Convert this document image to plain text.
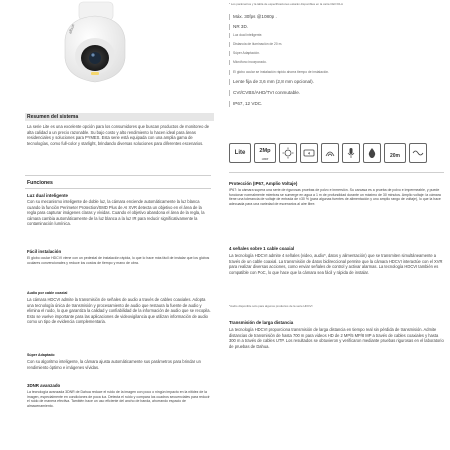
alhua
* Los parámetros y la tabla de especificaciones estarán disponibles en la carta CEO DLA
Máx. 30fps @1080p .
NR 3D.
Luz dual inteligente.
Distancia de iluminación de 20 m.
Súper Adaptación.
Micrófono incorporado.
El globo ocular se instalación rápido ahorra tiempo de instalación.
Lente fija de 3,6 mm (2,8 mm opcional).
CVI/CVBS/AHD/TVI conmutable.
IP67, 12 VDC.
Lite	2Mp
1080P
4	20m
Resumen del sistema
La serie Lite es una excelente opción para los consumidores que buscan productos de monitoreo de alta calidad a un precio razonable. Su bajo costo y alto rendimiento lo hacen ideal para áreas residenciales y soluciones para PYMES. Esta serie está equipada con una amplia gama de tecnologías, como full-color y starlight, brindando diversas soluciones para diferentes escenarios.
Funciones
Luz dual inteligente
Con su mecanismo inteligente de doble luz, la cámara enciende automáticamente la luz blanca cuando la función Perimeter Protection/SMD Plus de AI XVR detecta un objetivo en el área de la regla para capturar imágenes claras y vívidas. Cuando el objetivo abandona el área de la regla, la cámara cambia automáticamente de la luz blanca a la luz IR para reducir significativamente la contaminación lumínica.
Fácil instalación
El globo ocular HDCVI viene con un pedestal de instalación rápida, lo que lo hace más fácil de instalar que los globos oculares convencionales y reduce los costos de tiempo y mano de obra.
Audio por cable coaxial
La cámara HDCVI admite la transmisión de señales de audio a través de cables coaxiales. Adopta una tecnología única de transmisión y procesamiento de audio que restaura la fuente de audio y elimina el ruido, lo que garantiza la calidad y confiabilidad de la información de audio que se recopila. Esto se vuelve importante para las aplicaciones de videovigilancia que utilizan información de audio como un tipo de evidencia complementaria.
Súper Adaptado
Con su algoritmo inteligente, la cámara ajusta automáticamente sus parámetros para brindar un rendimiento óptimo e imágenes vívidas.
3DNR avanzado
La tecnología avanzada 3DNR de Dahua reduce el ruido de la imagen con poco o ningún impacto en la nitidez de la imagen, especialmente en condiciones de poca luz. Detecta el ruido y compara los cuadros secuenciales para reducir el ruido de manera efectiva. También hace un uso eficiente del ancho de banda, ahorrando espacio de almacenamiento.
Protección (IP67, Amplio Voltaje)
IP67: la cámara supera una serie de rigurosas pruebas de polvo e inmersión. Su carcasa es a prueba de polvo e impermeable, y puede funcionar normalmente mientras se sumerge en agua a 1 m de profundidad durante un máximo de 30 minutos. Amplio voltaje: la cámara tiene una tolerancia de voltaje de entrada de ±30 % (para algunas fuentes de alimentación y uno amplio rango de voltaje), lo que la hace adecuada para una variedad de escenarios al aire libre.
4 señales sobre 1 cable coaxial
La tecnología HDCVI admite 4 señales (video, audio*, datos y alimentación) que se transmiten simultáneamente a través de un cable coaxial. La transmisión de datos bidireccional permite que la cámara HDCVI interactúe con el XVR para realizar diversas acciones, como enviar señales de control y activar alarmas. La tecnología HDCVI también es compatible con PoC, lo que hace que la cámara sea fácil y rápida de instalar.
*Audio disponible solo para algunos productos de la serie HDCVI
Transmisión de larga distancia
La tecnología HDCVI proporciona transmisión de larga distancia en tiempo real sin pérdida de transmisión. Admite distancias de transmisión de hasta 700 m para videos HD de 2 MP/5 MP/8 MP a través de cables coaxiales y hasta 300 m a través de cables UTP. Los resultados se obtuvieron y verificaron mediante pruebas rigurosas en el laboratorio de pruebas de Dahua.
